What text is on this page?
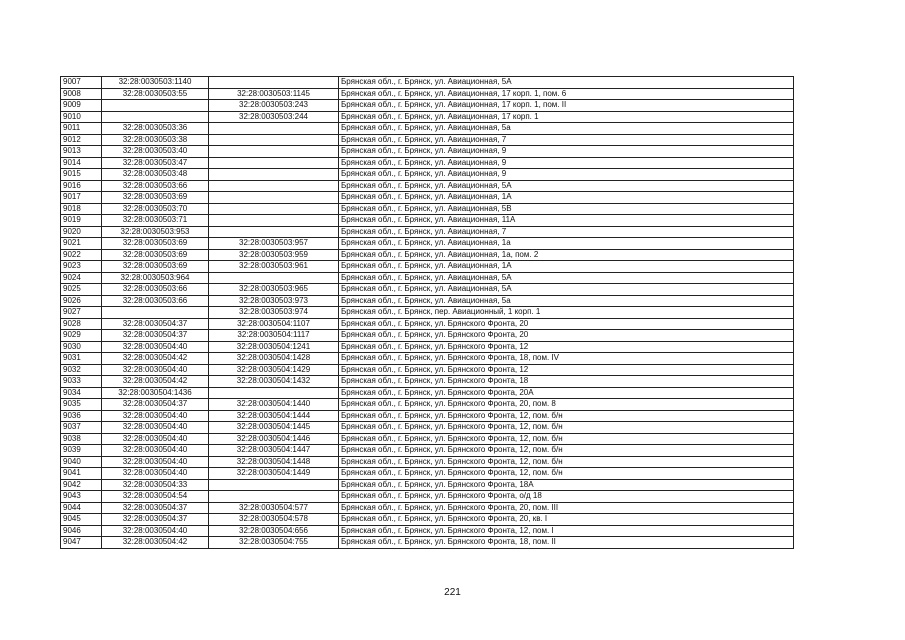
9007	32:28:0030503:1140		Брянская обл., г. Брянск, ул. Авиационная, 5А
9008	32:28:0030503:55	32:28:0030503:1145	Брянская обл., г. Брянск, ул. Авиационная, 17 корп. 1, пом. 6
9009		32:28:0030503:243	Брянская обл., г. Брянск, ул. Авиационная, 17 корп. 1, пом. II
9010		32:28:0030503:244	Брянская обл., г. Брянск, ул. Авиационная, 17 корп. 1
9011	32:28:0030503:36		Брянская обл., г. Брянск, ул. Авиационная, 5а
9012	32:28:0030503:38		Брянская обл., г. Брянск, ул. Авиационная, 7
9013	32:28:0030503:40		Брянская обл., г. Брянск, ул. Авиационная, 9
9014	32:28:0030503:47		Брянская обл., г. Брянск, ул. Авиационная, 9
9015	32:28:0030503:48		Брянская обл., г. Брянск, ул. Авиационная, 9
9016	32:28:0030503:66		Брянская обл., г. Брянск, ул. Авиационная, 5А
9017	32:28:0030503:69		Брянская обл., г. Брянск, ул. Авиационная, 1А
9018	32:28:0030503:70		Брянская обл., г. Брянск, ул. Авиационная, 5В
9019	32:28:0030503:71		Брянская обл., г. Брянск, ул. Авиационная, 11А
9020	32:28:0030503:953		Брянская обл., г. Брянск, ул. Авиационная, 7
9021	32:28:0030503:69	32:28:0030503:957	Брянская обл., г. Брянск, ул. Авиационная, 1а
9022	32:28:0030503:69	32:28:0030503:959	Брянская обл., г. Брянск, ул. Авиационная, 1а, пом. 2
9023	32:28:0030503:69	32:28:0030503:961	Брянская обл., г. Брянск, ул. Авиационная, 1А
9024	32:28:0030503:964		Брянская обл., г. Брянск, ул. Авиационная, 5А
9025	32:28:0030503:66	32:28:0030503:965	Брянская обл., г. Брянск, ул. Авиационная, 5А
9026	32:28:0030503:66	32:28:0030503:973	Брянская обл., г. Брянск, ул. Авиационная, 5а
9027		32:28:0030503:974	Брянская обл., г. Брянск, пер. Авиационный, 1 корп. 1
9028	32:28:0030504:37	32:28:0030504:1107	Брянская обл., г. Брянск, ул. Брянского Фронта, 20
9029	32:28:0030504:37	32:28:0030504:1117	Брянская обл., г. Брянск, ул. Брянского Фронта, 20
9030	32:28:0030504:40	32:28:0030504:1241	Брянская обл., г. Брянск, ул. Брянского Фронта, 12
9031	32:28:0030504:42	32:28:0030504:1428	Брянская обл., г. Брянск, ул. Брянского Фронта, 18, пом. IV
9032	32:28:0030504:40	32:28:0030504:1429	Брянская обл., г. Брянск, ул. Брянского Фронта, 12
9033	32:28:0030504:42	32:28:0030504:1432	Брянская обл., г. Брянск, ул. Брянского Фронта, 18
9034	32:28:0030504:1436		Брянская обл., г. Брянск, ул. Брянского Фронта, 20А
9035	32:28:0030504:37	32:28:0030504:1440	Брянская обл., г. Брянск, ул. Брянского Фронта, 20, пом. 8
9036	32:28:0030504:40	32:28:0030504:1444	Брянская обл., г. Брянск, ул. Брянского Фронта, 12, пом. б/н
9037	32:28:0030504:40	32:28:0030504:1445	Брянская обл., г. Брянск, ул. Брянского Фронта, 12, пом. б/н
9038	32:28:0030504:40	32:28:0030504:1446	Брянская обл., г. Брянск, ул. Брянского Фронта, 12, пом. б/н
9039	32:28:0030504:40	32:28:0030504:1447	Брянская обл., г. Брянск, ул. Брянского Фронта, 12, пом. б/н
9040	32:28:0030504:40	32:28:0030504:1448	Брянская обл., г. Брянск, ул. Брянского Фронта, 12, пом. б/н
9041	32:28:0030504:40	32:28:0030504:1449	Брянская обл., г. Брянск, ул. Брянского Фронта, 12, пом. б/н
9042	32:28:0030504:33		Брянская обл., г. Брянск, ул. Брянского Фронта, 18А
9043	32:28:0030504:54		Брянская обл., г. Брянск, ул. Брянского Фронта, о/д 18
9044	32:28:0030504:37	32:28:0030504:577	Брянская обл., г. Брянск, ул. Брянского Фронта, 20, пом. III
9045	32:28:0030504:37	32:28:0030504:578	Брянская обл., г. Брянск, ул. Брянского Фронта, 20, кв. I
9046	32:28:0030504:40	32:28:0030504:656	Брянская обл., г. Брянск, ул. Брянского Фронта, 12, пом. I
9047	32:28:0030504:42	32:28:0030504:755	Брянская обл., г. Брянск, ул. Брянского Фронта, 18, пом. II
221
